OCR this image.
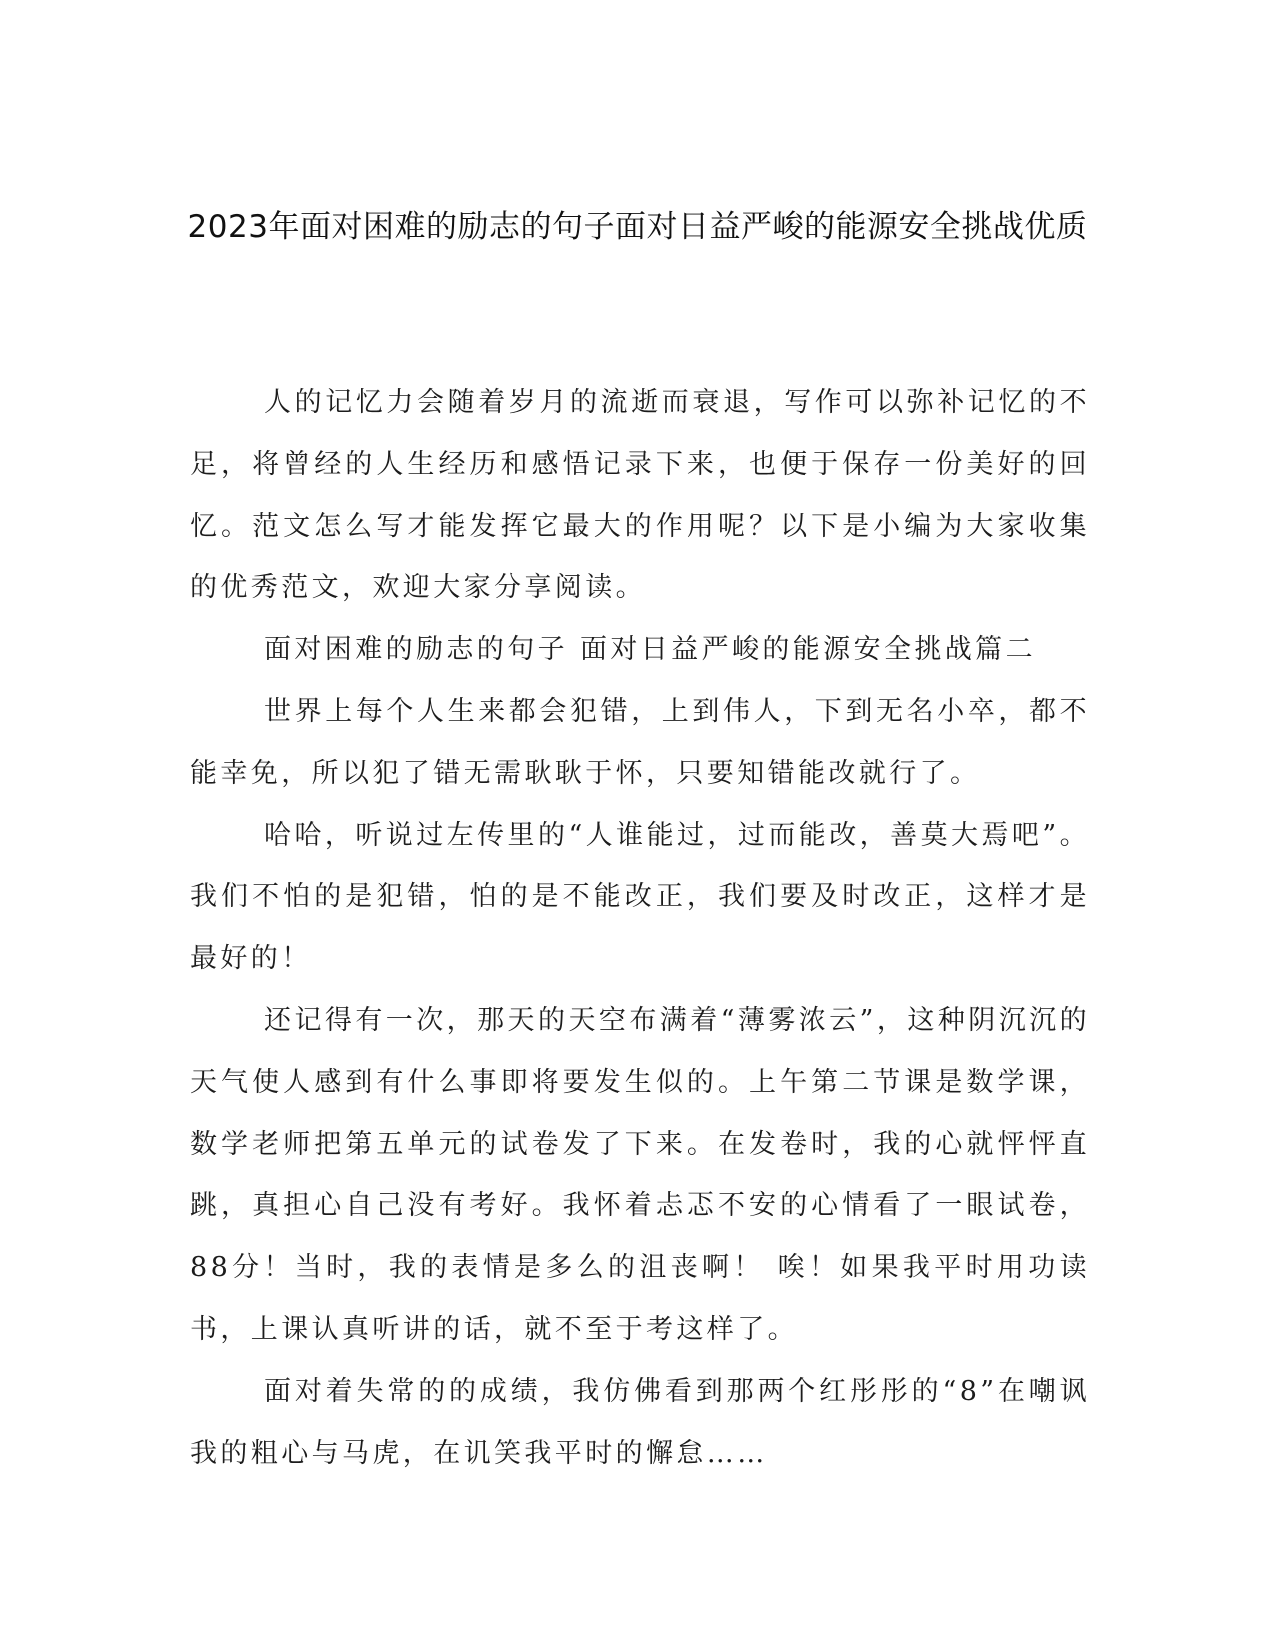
2023年面对困难的励志的句子面对日益严峻的能源安全挑战优质

人的记忆力会随着岁月的流逝而衰退，写作可以弥补记忆的不足，将曾经的人生经历和感悟记录下来，也便于保存一份美好的回忆。范文怎么写才能发挥它最大的作用呢？以下是小编为大家收集的优秀范文，欢迎大家分享阅读。

面对困难的励志的句子 面对日益严峻的能源安全挑战篇二

世界上每个人生来都会犯错，上到伟人，下到无名小卒，都不能幸免，所以犯了错无需耿耿于怀，只要知错能改就行了。

哈哈，听说过左传里的“人谁能过，过而能改，善莫大焉吧”。我们不怕的是犯错，怕的是不能改正，我们要及时改正，这样才是最好的！

还记得有一次，那天的天空布满着“薄雾浓云”，这种阴沉沉的天气使人感到有什么事即将要发生似的。上午第二节课是数学课，数学老师把第五单元的试卷发了下来。在发卷时，我的心就怦怦直跳，真担心自己没有考好。我怀着忐忑不安的心情看了一眼试卷，88分！当时，我的表情是多么的沮丧啊！ 唉！如果我平时用功读书，上课认真听讲的话，就不至于考这样了。

面对着失常的的成绩，我仿佛看到那两个红彤彤的“8”在嘲讽我的粗心与马虎，在讥笑我平时的懈怠……
